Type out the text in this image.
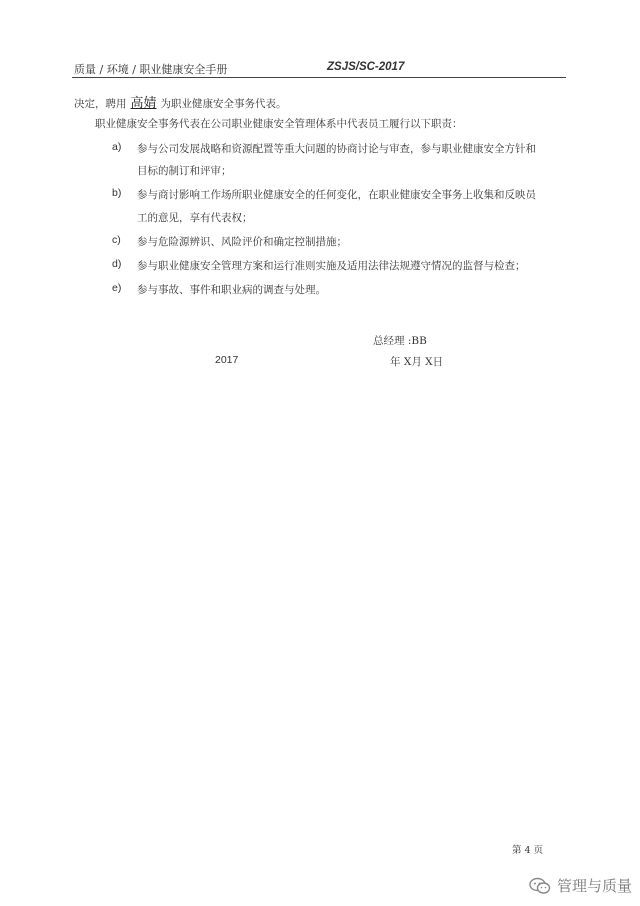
质量 / 环境 / 职业健康安全手册	ZSJS/SC-2017
决定，聘用 高婧 为职业健康安全事务代表。
职业健康安全事务代表在公司职业健康安全管理体系中代表员工履行以下职责：
a) 参与公司发展战略和资源配置等重大问题的协商讨论与审查，参与职业健康安全方针和
目标的制订和评审；
b) 参与商讨影响工作场所职业健康安全的任何变化，在职业健康安全事务上收集和反映员
工的意见，享有代表权；
c) 参与危险源辨识、风险评价和确定控制措施；
d) 参与职业健康安全管理方案和运行准则实施及适用法律法规遵守情况的监督与检查；
e) 参与事故、事件和职业病的调查与处理。
总经理 :BB
2017	年 X月 X日
第 4 页
管理与质量
